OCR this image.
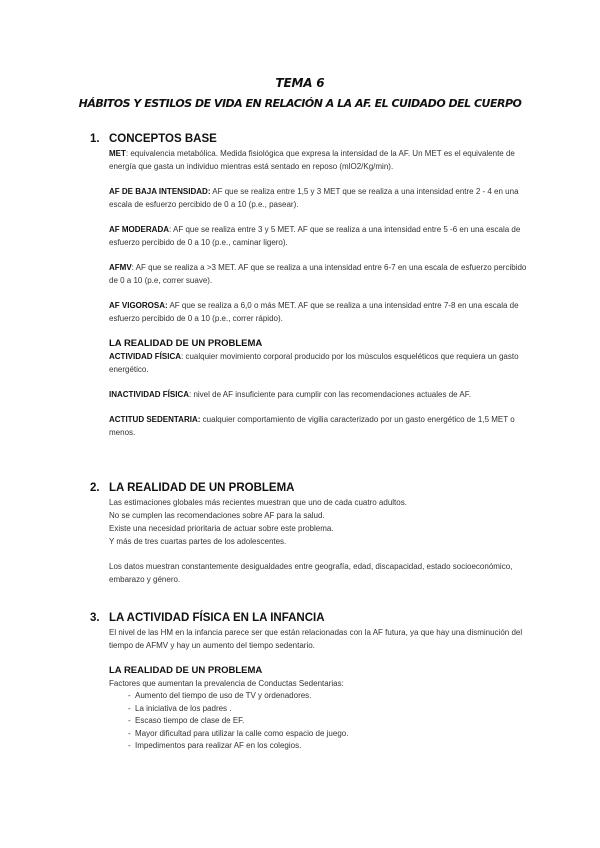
TEMA 6
HÁBITOS Y ESTILOS DE VIDA EN RELACIÓN A LA AF. EL CUIDADO DEL CUERPO
1. CONCEPTOS BASE

MET: equivalencia metabólica. Medida fisiológica que expresa la intensidad de la AF. Un MET es el equivalente de energía que gasta un individuo mientras está sentado en reposo (mlO2/Kg/min).

AF DE BAJA INTENSIDAD: AF que se realiza entre 1,5 y 3 MET que se realiza a una intensidad entre 2 - 4 en una escala de esfuerzo percibido de 0 a 10 (p.e., pasear).

AF MODERADA: AF que se realiza entre 3 y 5 MET. AF que se realiza a una intensidad entre 5 -6 en una escala de esfuerzo percibido de 0 a 10 (p.e., caminar ligero).

AFMV: AF que se realiza a >3 MET. AF que se realiza a una intensidad entre 6-7 en una escala de esfuerzo percibido de 0 a 10 (p.e, correr suave).

AF VIGOROSA: AF que se realiza a 6,0 o más MET. AF que se realiza a una intensidad entre 7-8 en una escala de esfuerzo percibido de 0 a 10 (p.e., correr rápido).

LA REALIDAD DE UN PROBLEMA

ACTIVIDAD FÍSICA: cualquier movimiento corporal producido por los músculos esqueléticos que requiera un gasto energético.

INACTIVIDAD FÍSICA: nivel de AF insuficiente para cumplir con las recomendaciones actuales de AF.

ACTITUD SEDENTARIA: cualquier comportamiento de vigilia caracterizado por un gasto energético de 1,5 MET o menos.

2. LA REALIDAD DE UN PROBLEMA

Las estimaciones globales más recientes muestran que uno de cada cuatro adultos.

No se cumplen las recomendaciones sobre AF para la salud.

Existe una necesidad prioritaria de actuar sobre este problema.

Y más de tres cuartas partes de los adolescentes.

Los datos muestran constantemente desigualdades entre geografía, edad, discapacidad, estado socioeconómico, embarazo y género.

3. LA ACTIVIDAD FÍSICA EN LA INFANCIA

El nivel de las HM en la infancia parece ser que están relacionadas con la AF futura, ya que hay una disminución del tiempo de AFMV y hay un aumento del tiempo sedentario.

LA REALIDAD DE UN PROBLEMA

Factores que aumentan la prevalencia de Conductas Sedentarias:

- Aumento del tiempo de uso de TV y ordenadores.

- La iniciativa de los padres .

- Escaso tiempo de clase de EF.

- Mayor dificultad para utilizar la calle como espacio de juego.

- Impedimentos para realizar AF en los colegios.
